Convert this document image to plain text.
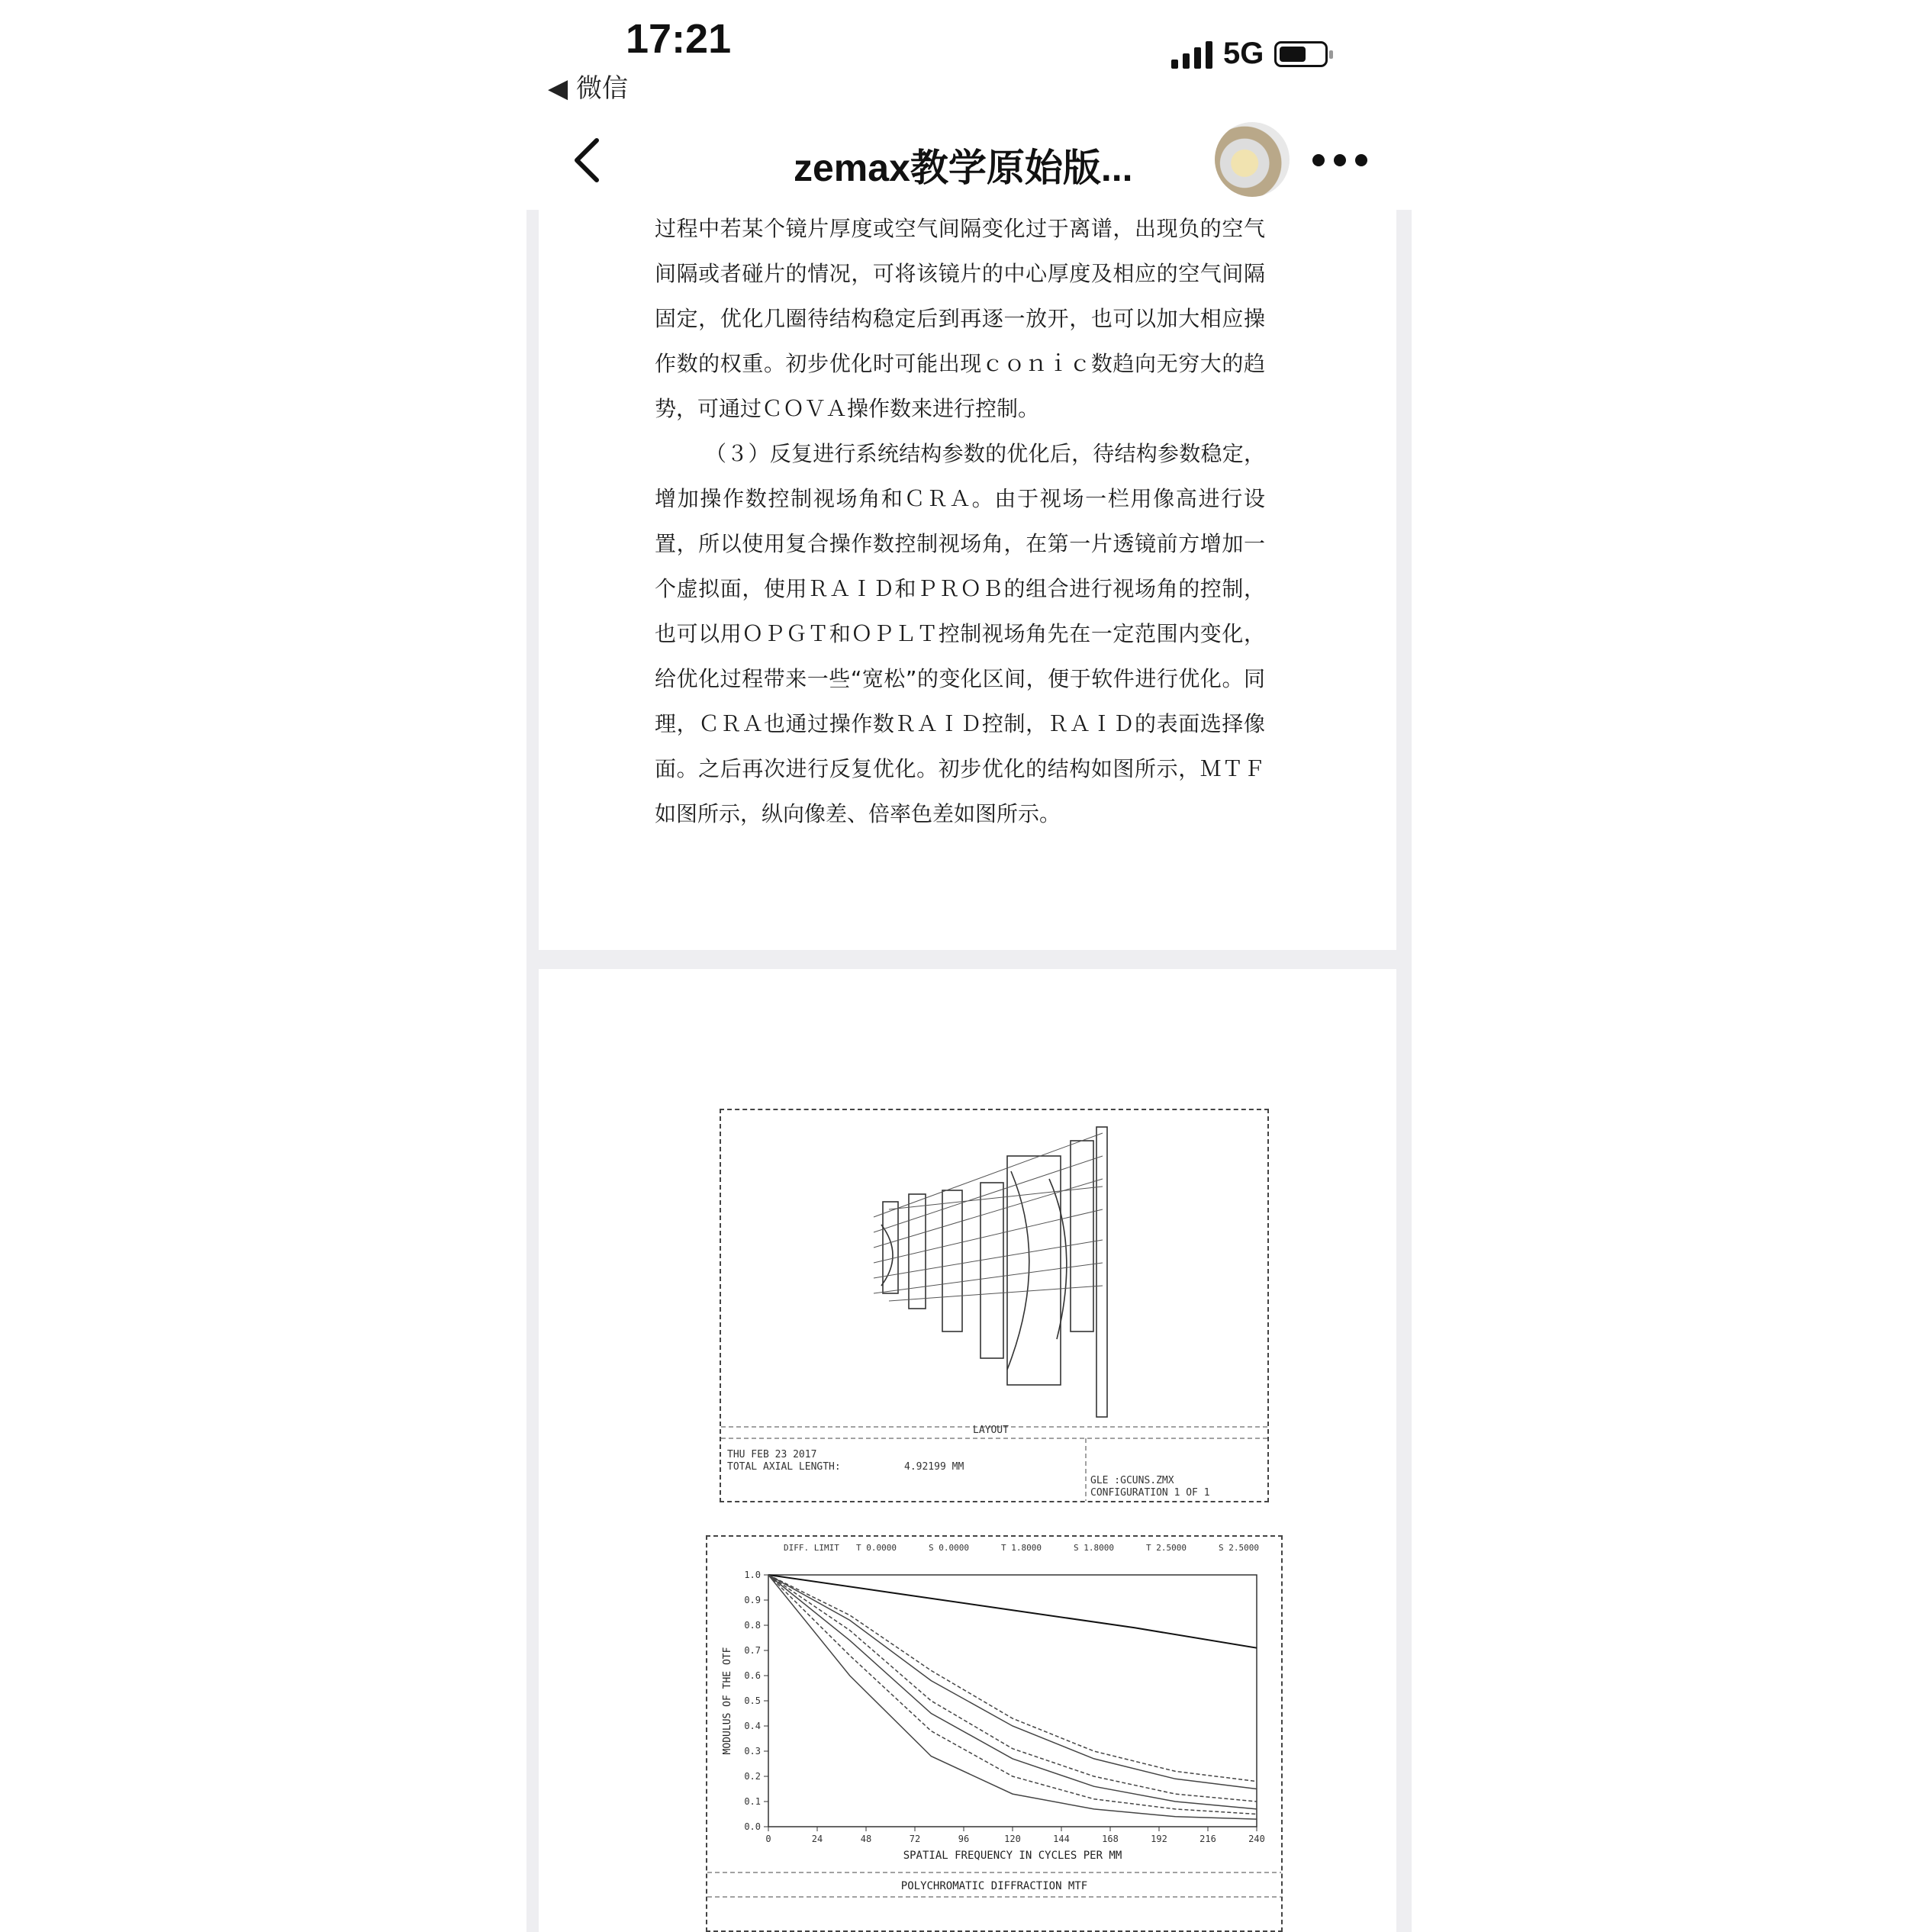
17:21
◀ 微信
5G
zemax教学原始版...

过程中若某个镜片厚度或空气间隔变化过于离谱，出现负的空气间隔或者碰片的情况，可将该镜片的中心厚度及相应的空气间隔固定，优化几圈待结构稳定后到再逐一放开，也可以加大相应操作数的权重。初步优化时可能出现ｃｏｎｉｃ数趋向无穷大的趋势，可通过ＣＯＶＡ操作数来进行控制。

（３）反复进行系统结构参数的优化后，待结构参数稳定，增加操作数控制视场角和ＣＲＡ。由于视场一栏用像高进行设置，所以使用复合操作数控制视场角，在第一片透镜前方增加一个虚拟面，使用ＲＡＩＤ和ＰＲＯＢ的组合进行视场角的控制，也可以用ＯＰＧＴ和ＯＰＬＴ控制视场角先在一定范围内变化，给优化过程带来一些“宽松”的变化区间，便于软件进行优化。同理，ＣＲＡ也通过操作数ＲＡＩＤ控制，ＲＡＩＤ的表面选择像面。之后再次进行反复优化。初步优化的结构如图所示，ＭＴＦ如图所示，纵向像差、倍率色差如图所示。

LAYOUT
THU FEB 23 2017
TOTAL AXIAL LENGTH:	4.92199 MM
GLE :GCUNS.ZMX
CONFIGURATION 1 OF 1
0	24	48	72	96	120	144	168	192	216	240
0.0
0.1
0.2
0.3
0.4
0.5
0.6
0.7
0.8
0.9
1.0
SPATIAL FREQUENCY IN CYCLES PER MM
MODULUS OF THE OTF
DIFF. LIMIT T 0.0000	S 0.0000	T 1.8000	S 1.8000	T 2.5000	S 2.5000
POLYCHROMATIC DIFFRACTION MTF
